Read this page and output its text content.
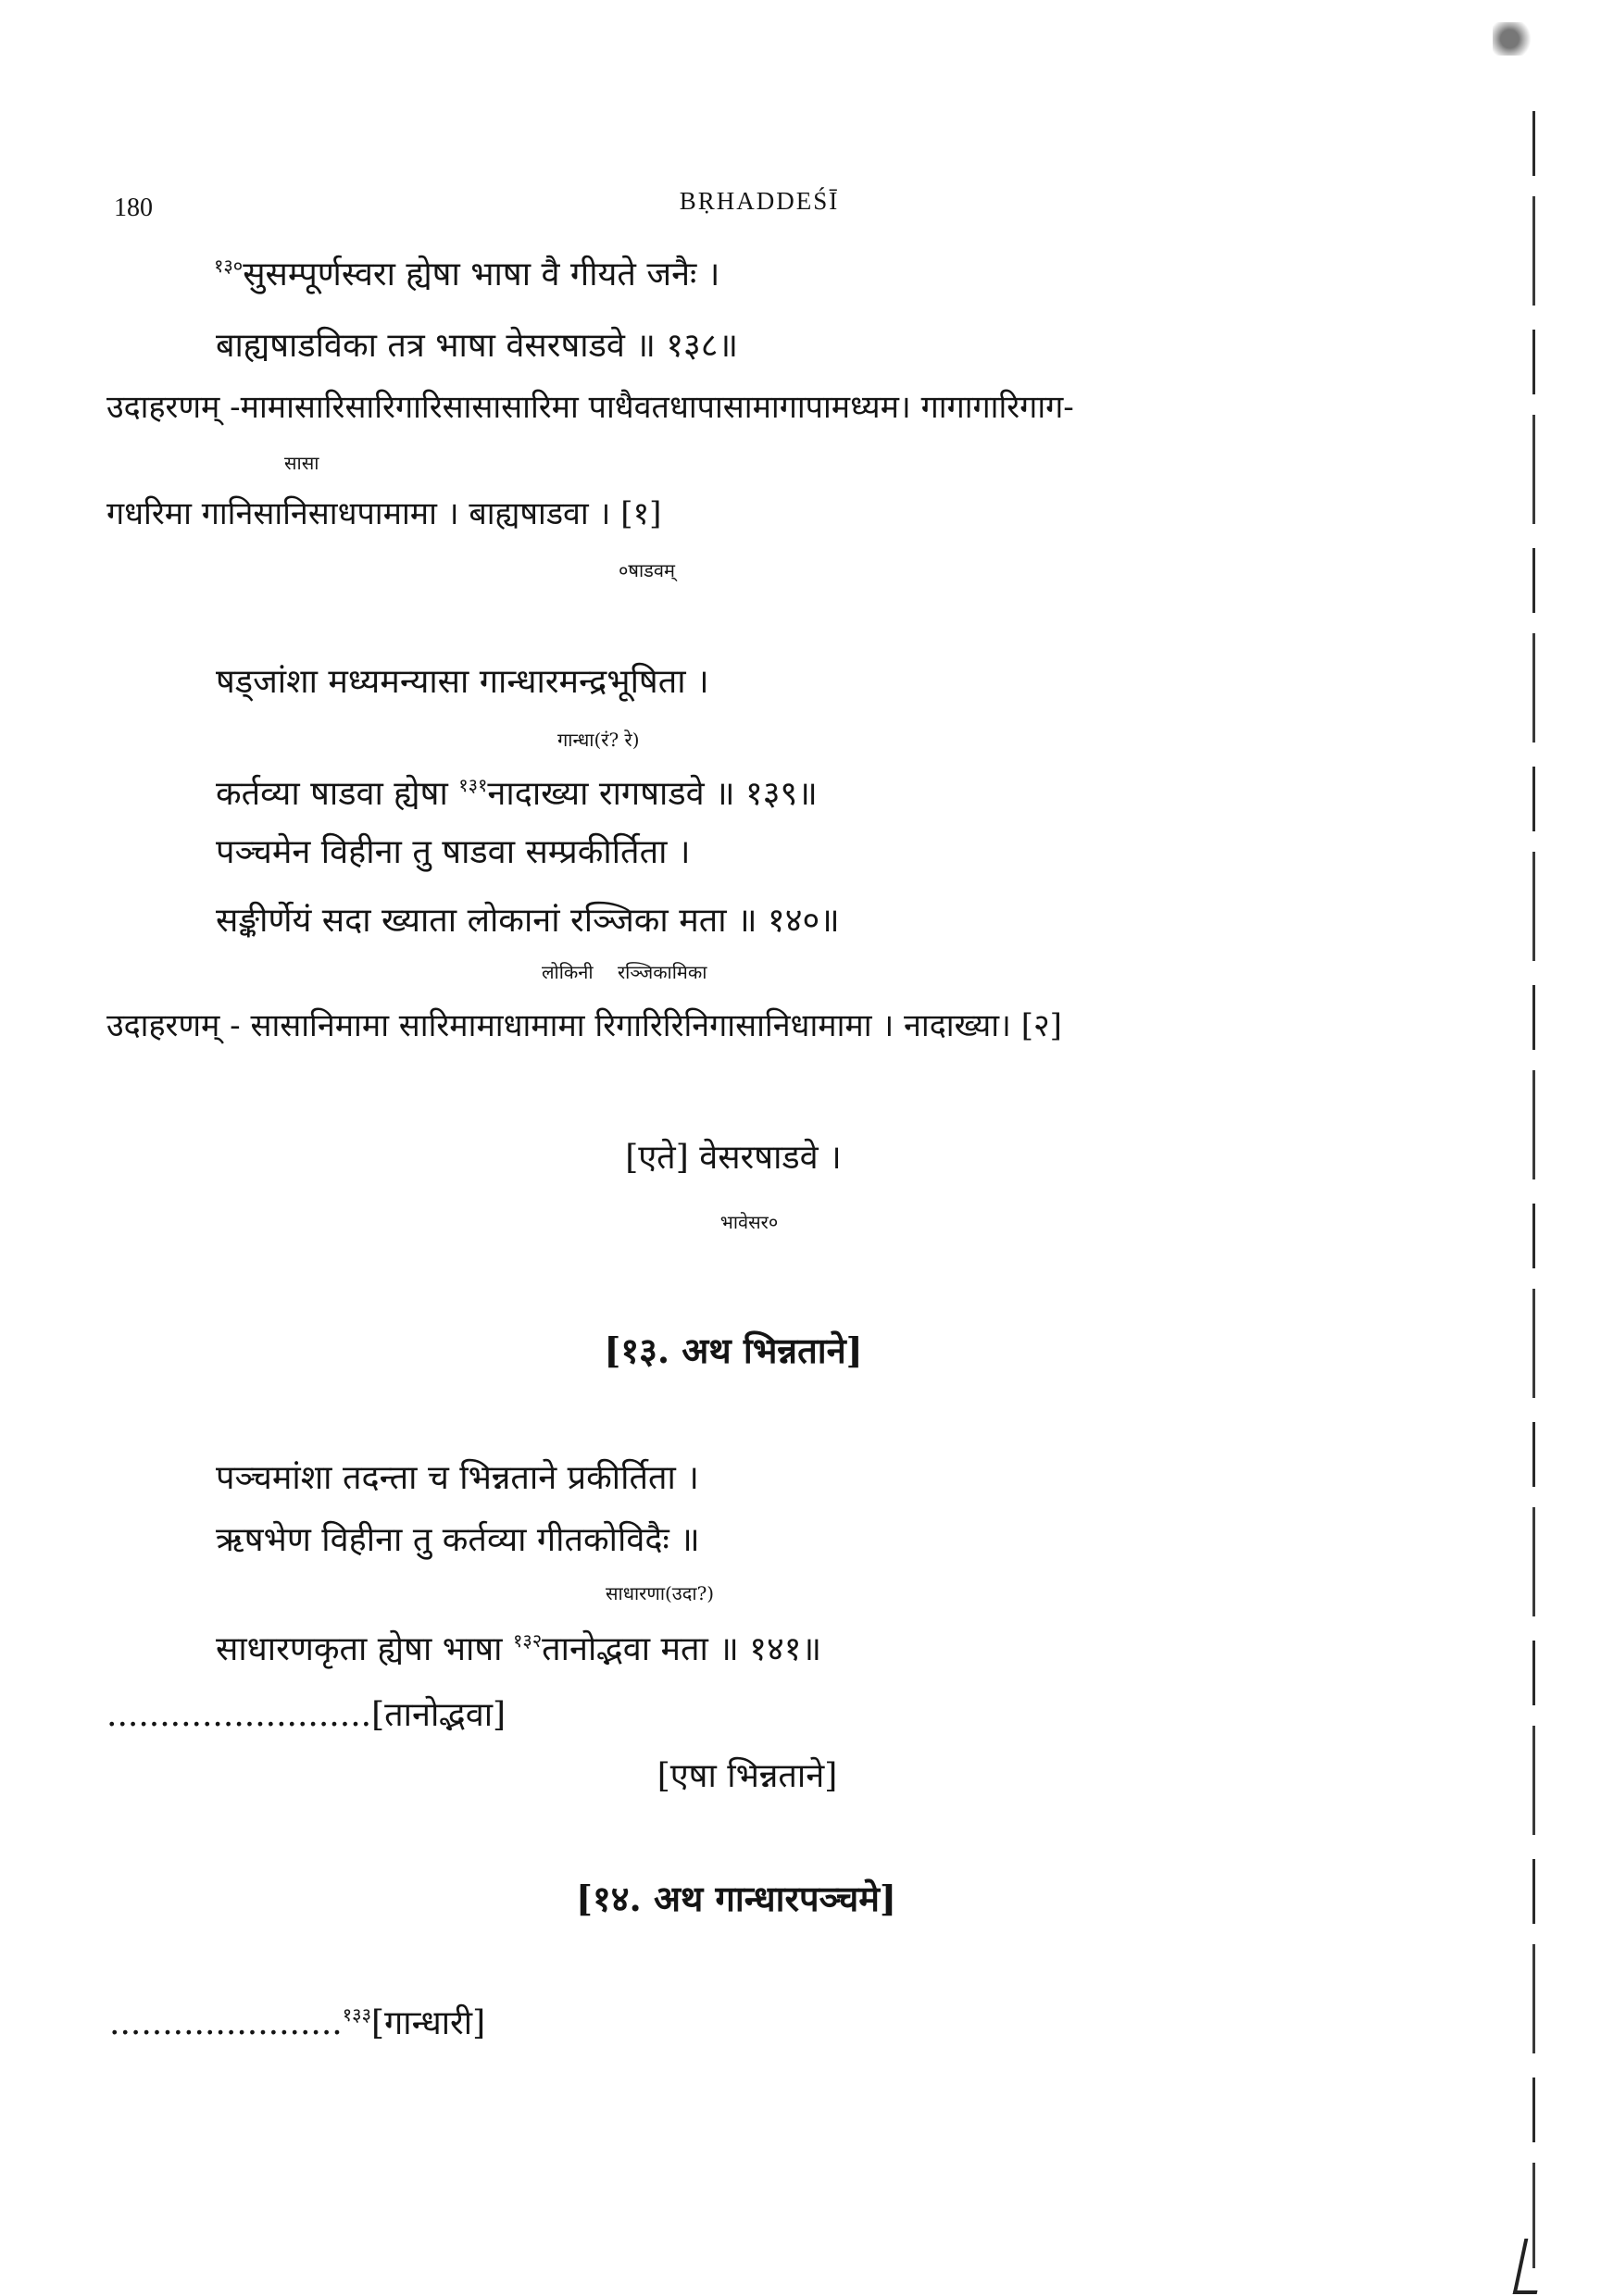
180	BṚHADDEŚĪ
$^{१३०}$सुसम्पूर्णस्वरा ह्येषा भाषा वै गीयते जनैः ।
बाह्यषाडविका तत्र भाषा वेसरषाडवे ॥ १३८॥
उदाहरणम् -मामासारिसारिगारिसासासारिमा पाधैवतधापासामागापामध्यम। गागागारिगाग-
सासा
गधरिमा गानिसानिसाधपामामा । बाह्यषाडवा । [१]
०षाडवम्
षड्जांशा मध्यमन्यासा गान्धारमन्द्रभूषिता ।
गान्धा(रं? रे)
कर्तव्या षाडवा ह्येषा $^{१३१}$नादाख्या रागषाडवे ॥ १३९॥
पञ्चमेन विहीना तु षाडवा सम्प्रकीर्तिता ।
सङ्कीर्णेयं सदा ख्याता लोकानां रञ्जिका मता ॥ १४०॥
लोकिनी रञ्जिकामिका
उदाहरणम् - सासानिमामा सारिमामाधामामा रिगारिरिनिगासानिधामामा । नादाख्या। [२]
[एते] वेसरषाडवे ।
भावेसर०
[१३. अथ भिन्नताने]
पञ्चमांशा तदन्ता च भिन्नताने प्रकीर्तिता ।
ऋषभेण विहीना तु कर्तव्या गीतकोविदैः ॥
साधारणा(उदा?)
साधारणकृता ह्येषा भाषा $^{१३२}$तानोद्भवा मता ॥ १४१॥
.........................[तानोद्भवा]
[एषा भिन्नताने]
[१४. अथ गान्धारपञ्चमे]
......................$^{१३३}$[गान्धारी]
